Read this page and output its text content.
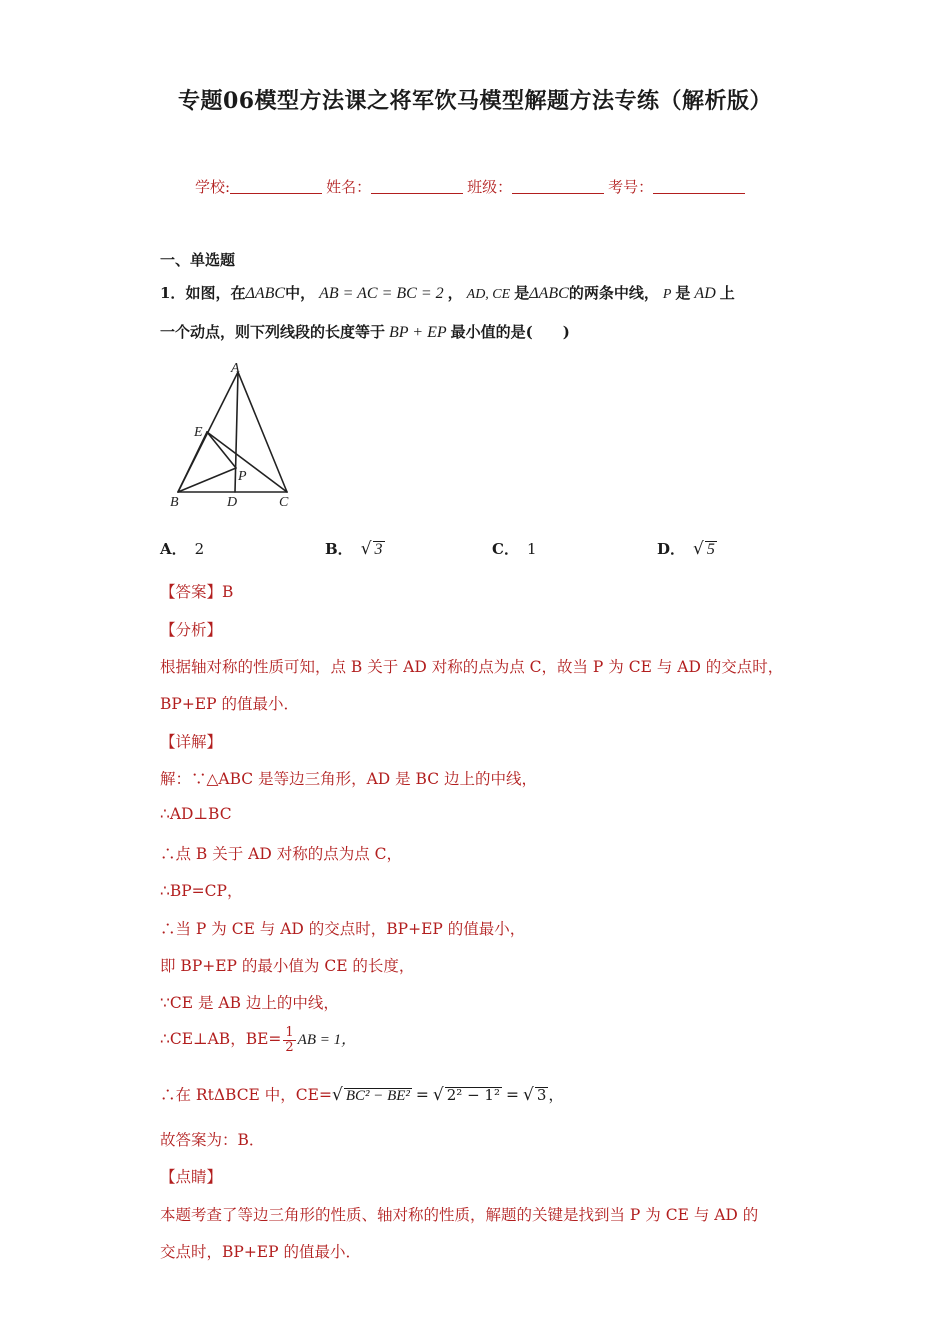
专题06模型方法课之将军饮马模型解题方法专练（解析版）
学校:	姓名：	班级：	考号：
一、单选题
1．如图，在ΔABC中， AB = AC = BC = 2 ， AD, CE 是ΔABC的两条中线， P 是 AD 上
一个动点，则下列线段的长度等于 BP + EP 最小值的是(　　)
A
E
P
B	D	C
A． 2	B． √ 3	C． 1	D． √ 5
【答案】B
【分析】
根据轴对称的性质可知，点 B 关于 AD 对称的点为点 C，故当 P 为 CE 与 AD 的交点时，
BP+EP 的值最小．
【详解】
解：∵△ABC 是等边三角形，AD 是 BC 边上的中线，
∴AD⊥BC
∴点 B 关于 AD 对称的点为点 C，
∴BP=CP，
∴当 P 为 CE 与 AD 的交点时，BP+EP 的值最小，
即 BP+EP 的最小值为 CE 的长度，
∵CE 是 AB 边上的中线，
∴CE⊥AB，$BE= \frac{1}{2}$ AB = 1，
∴在 RtΔBCE 中，CE=√ BC² − BE² = √ 2² − 1² = √ 3 ，
故答案为：B．
【点睛】
本题考查了等边三角形的性质、轴对称的性质，解题的关键是找到当 P 为 CE 与 AD 的
交点时，BP+EP 的值最小．
